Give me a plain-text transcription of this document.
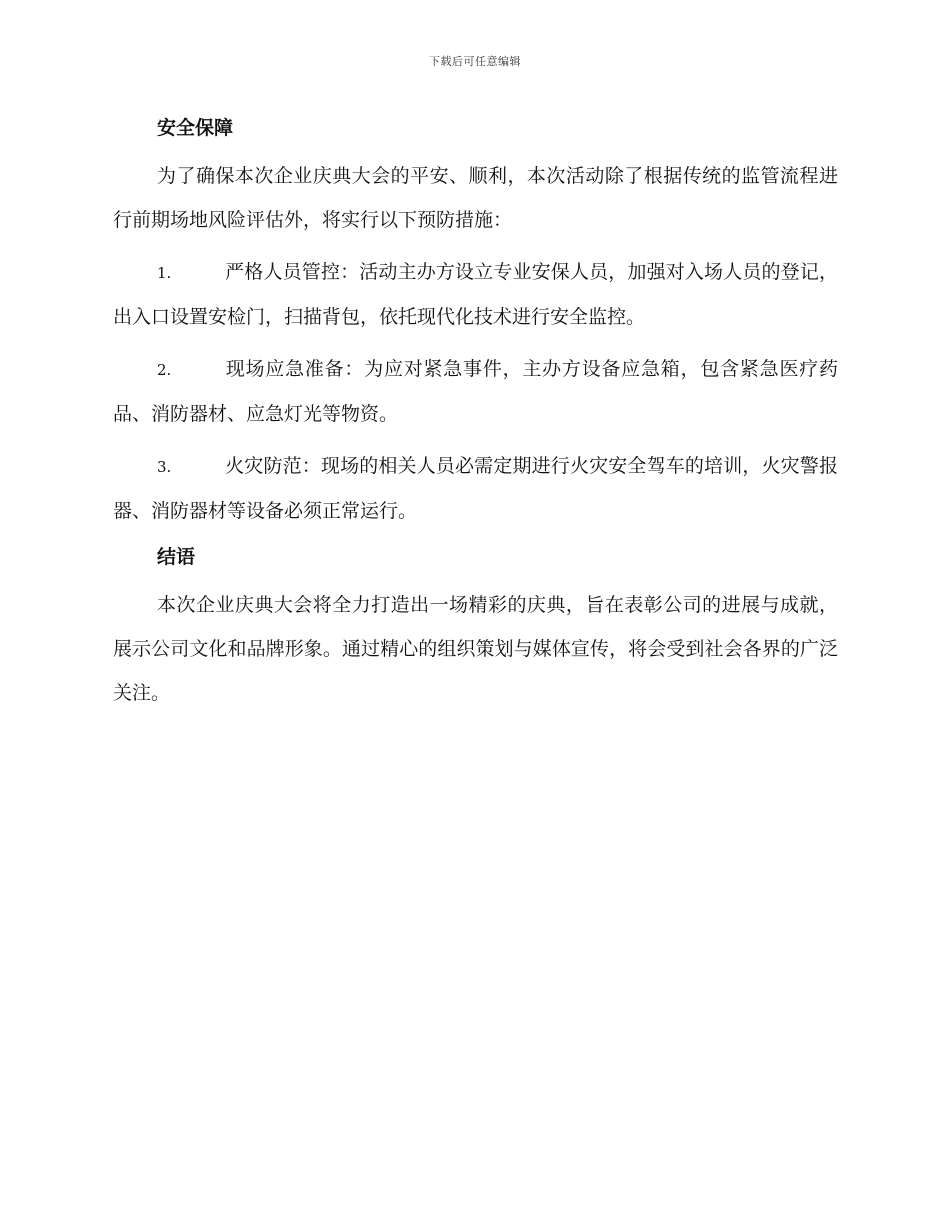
下载后可任意编辑
安全保障

为了确保本次企业庆典大会的平安、顺利，本次活动除了根据传统的监管流程进行前期场地风险评估外，将实行以下预防措施：

1.	严格人员管控：活动主办方设立专业安保人员，加强对入场人员的登记，出入口设置安检门，扫描背包，依托现代化技术进行安全监控。

2.	现场应急准备：为应对紧急事件，主办方设备应急箱，包含紧急医疗药品、消防器材、应急灯光等物资。

3.	火灾防范：现场的相关人员必需定期进行火灾安全驾车的培训，火灾警报器、消防器材等设备必须正常运行。

结语

本次企业庆典大会将全力打造出一场精彩的庆典，旨在表彰公司的进展与成就，展示公司文化和品牌形象。通过精心的组织策划与媒体宣传，将会受到社会各界的广泛关注。
